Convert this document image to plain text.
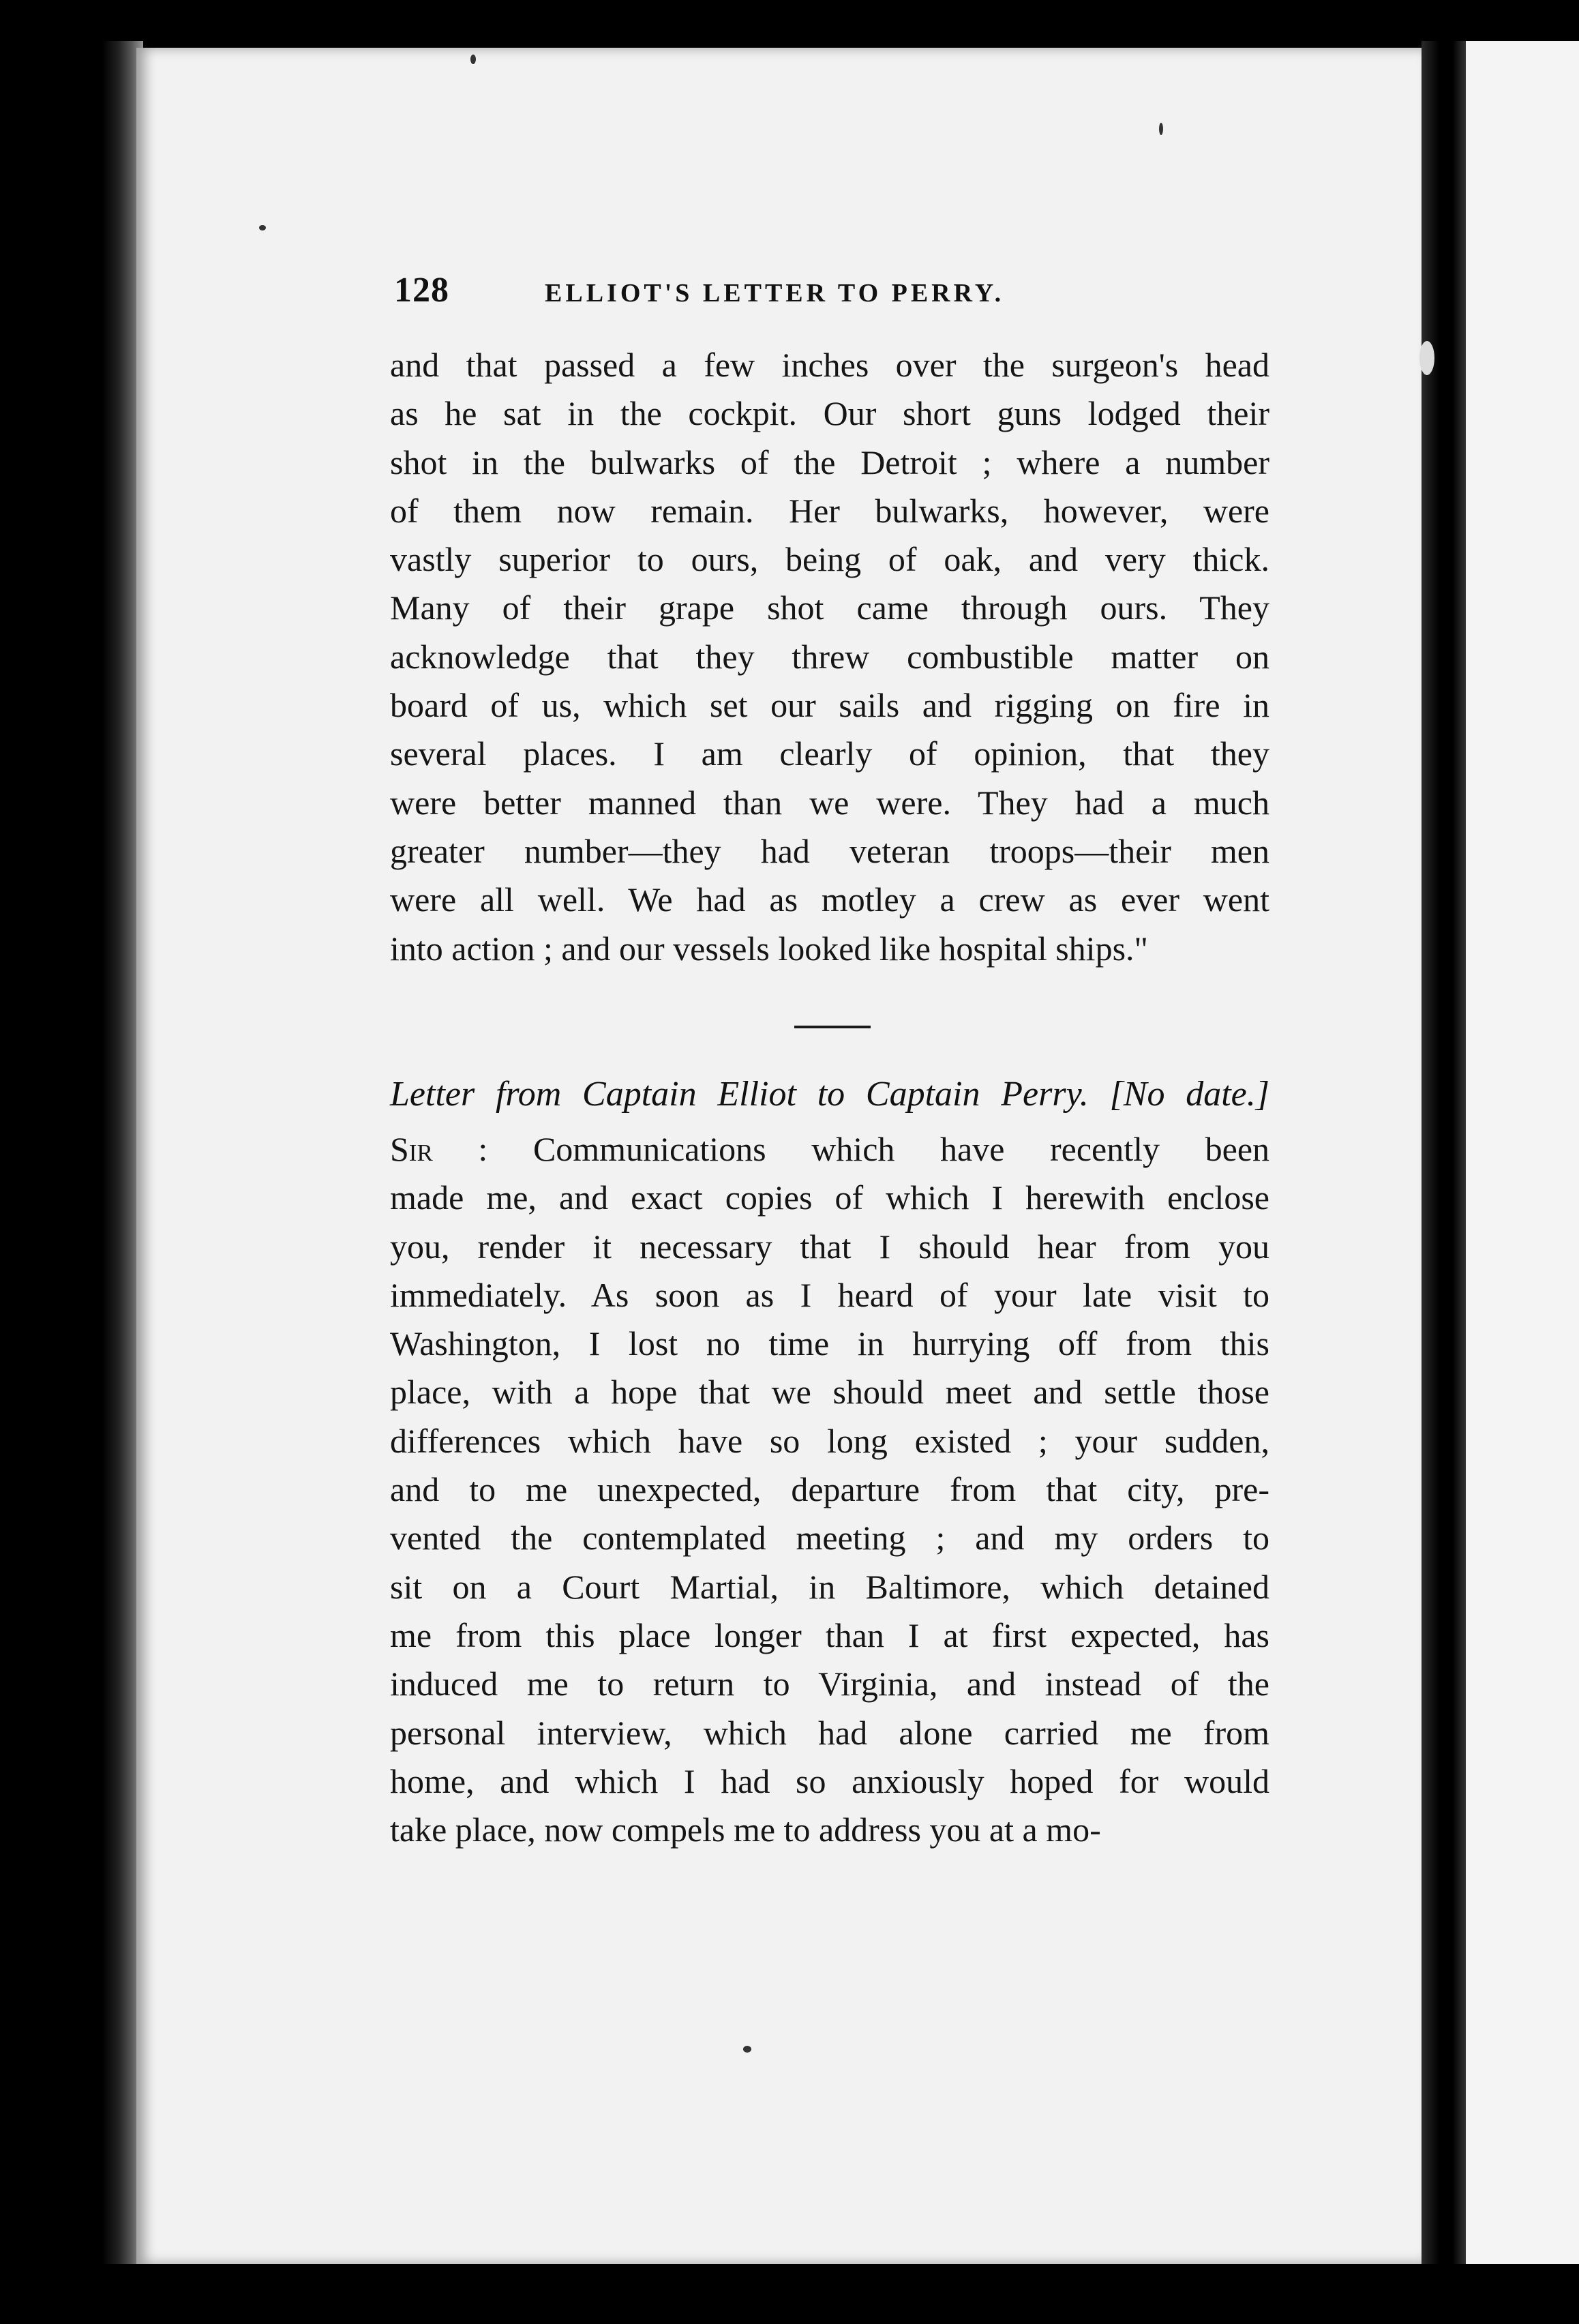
128	ELLIOT'S LETTER TO PERRY.
and that passed a few inches over the surgeon's head
as he sat in the cockpit. Our short guns lodged their
shot in the bulwarks of the Detroit ; where a number
of them now remain. Her bulwarks, however, were
vastly superior to ours, being of oak, and very thick.
Many of their grape shot came through ours. They
acknowledge that they threw combustible matter on
board of us, which set our sails and rigging on fire in
several places. I am clearly of opinion, that they
were better manned than we were. They had a much
greater number—they had veteran troops—their men
were all well. We had as motley a crew as ever went
into action ; and our vessels looked like hospital ships."
Letter from Captain Elliot to Captain Perry. [No date.]
Sir : Communications which have recently been
made me, and exact copies of which I herewith enclose
you, render it necessary that I should hear from you
immediately. As soon as I heard of your late visit to
Washington, I lost no time in hurrying off from this
place, with a hope that we should meet and settle those
differences which have so long existed ; your sudden,
and to me unexpected, departure from that city, pre-
vented the contemplated meeting ; and my orders to
sit on a Court Martial, in Baltimore, which detained
me from this place longer than I at first expected, has
induced me to return to Virginia, and instead of the
personal interview, which had alone carried me from
home, and which I had so anxiously hoped for would
take place, now compels me to address you at a mo-
